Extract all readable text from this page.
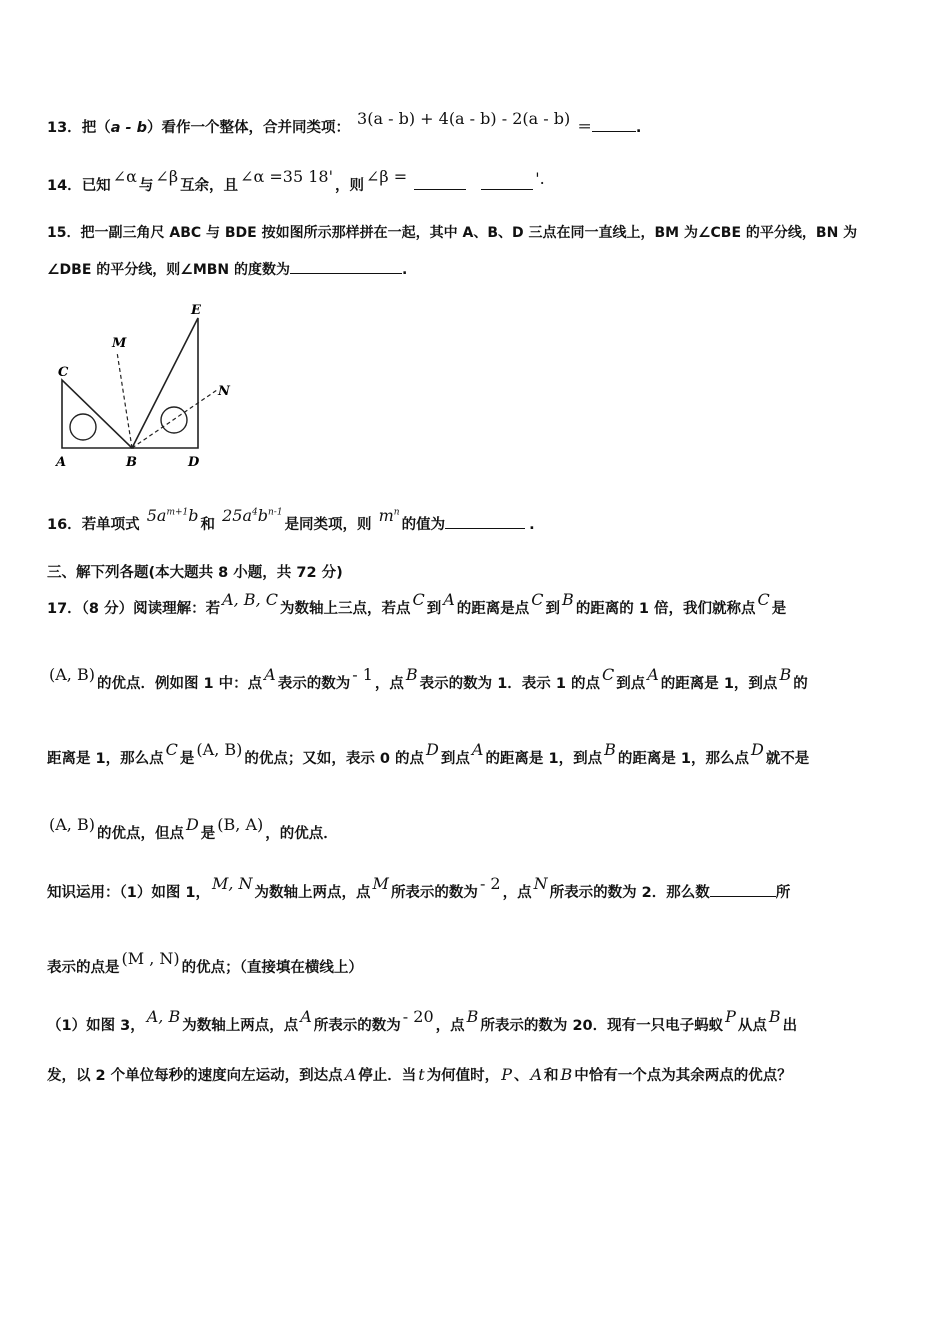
13．把（a - b）看作一个整体，合并同类项： 3(a - b) + 4(a - b) - 2(a - b) ＝	.
14．已知 ∠α 与 ∠β 互余，且 ∠α =35 18' ，则 ∠β =	'.
15．把一副三角尺 ABC 与 BDE 按如图所示那样拼在一起，其中 A、B、D 三点在同一直线上，BM 为∠CBE 的平分线，BN 为
∠DBE 的平分线，则∠MBN 的度数为	.
C
A	B	D
E
M
N
16．若单项式 $5a^{m+1}b$ 和 $25a^4b^{n-1}$是同类项，则 $m^n$的值为	.
三、解下列各题(本大题共 8 小题，共 72 分)
17．（8 分）阅读理解：若 A, B, C 为数轴上三点，若点 C 到 A 的距离是点 C 到 B 的距离的 1 倍，我们就称点 C 是
(A, B) 的优点．例如图 1 中：点 A 表示的数为 - 1 ，点 B 表示的数为 1．表示 1 的点 C 到点 A 的距离是 1，到点 B 的
距离是 1，那么点 C 是 (A, B) 的优点；又如，表示 0 的点 D 到点 A 的距离是 1，到点 B 的距离是 1，那么点 D 就不是
(A, B) 的优点，但点 D 是 (B, A) ，的优点．
知识运用：（1）如图 1， M, N 为数轴上两点，点 M 所表示的数为 - 2 ，点 N 所表示的数为 2．那么数	所
表示的点是 (M , N) 的优点；（直接填在横线上）
（1）如图 3， A, B 为数轴上两点，点 A 所表示的数为 - 20 ，点 B 所表示的数为 20．现有一只电子蚂蚁 P 从点 B 出
发，以 2 个单位每秒的速度向左运动，到达点 A 停止．当 t 为何值时， P 、 A 和 B 中恰有一个点为其余两点的优点？
